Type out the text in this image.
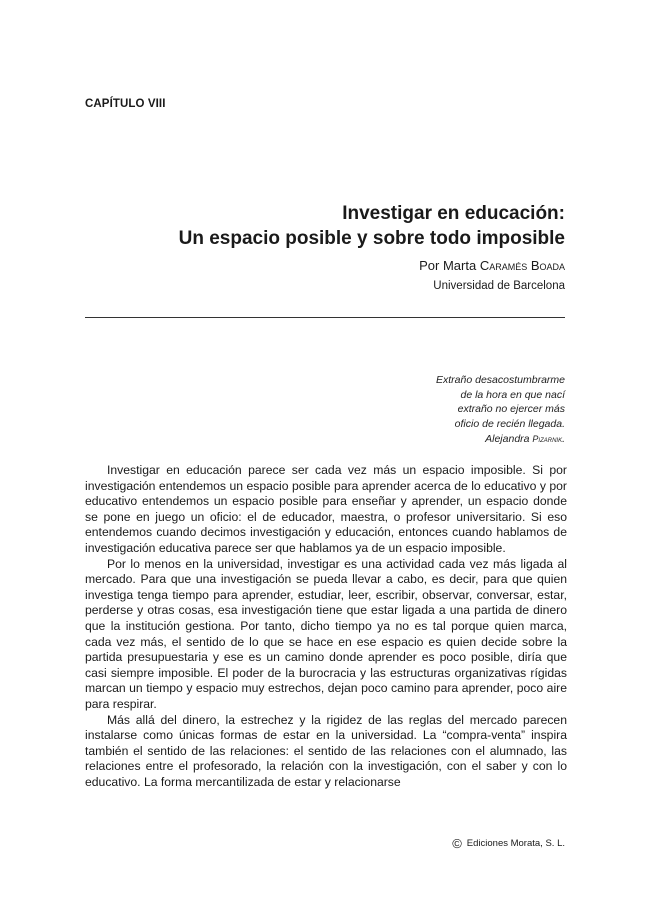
CAPÍTULO VIII
Investigar en educación:
Un espacio posible y sobre todo imposible
Por Marta Caramés Boada
Universidad de Barcelona
Extraño desacostumbrarme
de la hora en que nací
extraño no ejercer más
oficio de recién llegada.
Alejandra Pizarnik.

Investigar en educación parece ser cada vez más un espacio imposible. Si por investigación entendemos un espacio posible para aprender acerca de lo educativo y por educativo entendemos un espacio posible para enseñar y aprender, un espacio donde se pone en juego un oficio: el de educador, maestra, o profesor universitario. Si eso entendemos cuando decimos investigación y educación, entonces cuando hablamos de investigación educativa parece ser que hablamos ya de un espacio imposible.

Por lo menos en la universidad, investigar es una actividad cada vez más ligada al mercado. Para que una investigación se pueda llevar a cabo, es decir, para que quien investiga tenga tiempo para aprender, estudiar, leer, escribir, observar, conversar, estar, perderse y otras cosas, esa investigación tiene que estar ligada a una partida de dinero que la institución gestiona. Por tanto, dicho tiempo ya no es tal porque quien marca, cada vez más, el sentido de lo que se hace en ese espacio es quien decide sobre la partida presupuestaria y ese es un camino donde aprender es poco posible, diría que casi siempre imposible. El poder de la burocracia y las estructuras organizativas rígidas marcan un tiempo y espacio muy estrechos, dejan poco camino para aprender, poco aire para respirar.

Más allá del dinero, la estrechez y la rigidez de las reglas del mercado parecen instalarse como únicas formas de estar en la universidad. La “compra-venta” inspira también el sentido de las relaciones: el sentido de las relaciones con el alumnado, las relaciones entre el profesorado, la relación con la investigación, con el saber y con lo educativo. La forma mercantilizada de estar y relacionarse

© Ediciones Morata, S. L.
